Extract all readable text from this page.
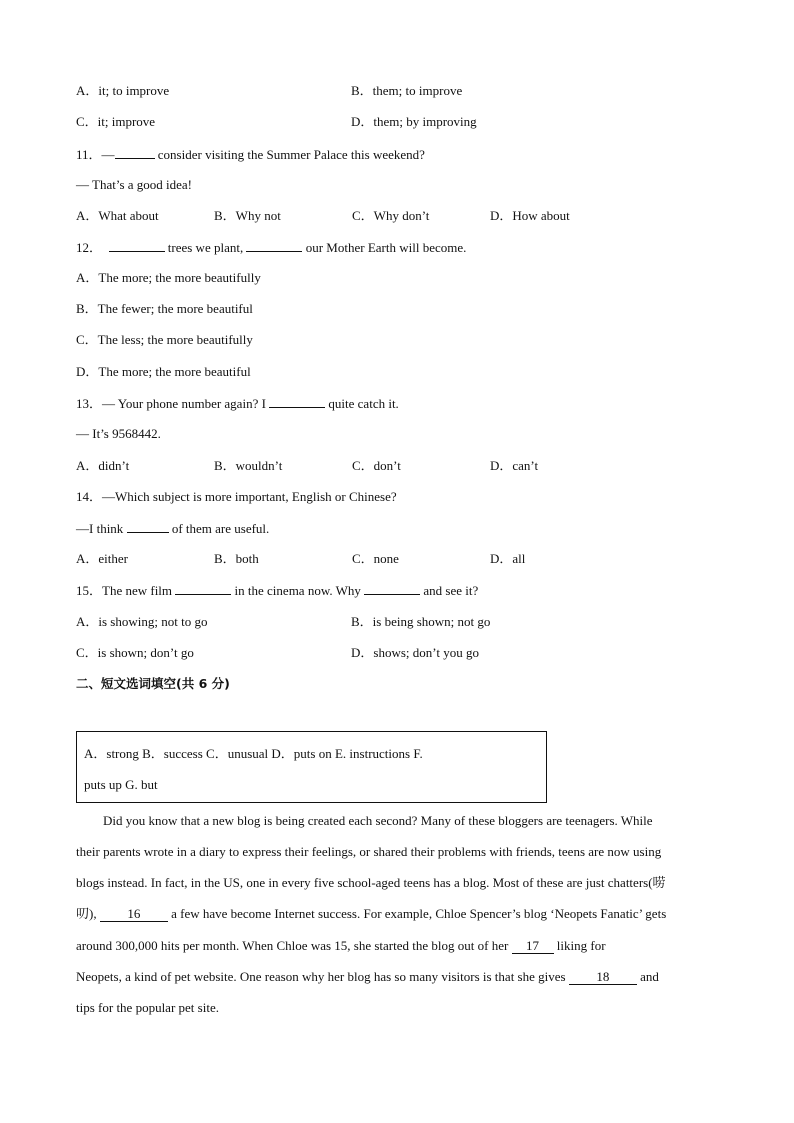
A．it; to improve	B．them; to improve
C．it; improve	D．them; by improving
11．—	consider visiting the Summer Palace this weekend?
— That’s a good idea!
A．What about	B．Why not	C．Why don’t	D．How about
12．	trees we plant,	our Mother Earth will become.
A．The more; the more beautifully
B．The fewer; the more beautiful
C．The less; the more beautifully
D．The more; the more beautiful
13．— Your phone number again? I	quite catch it.
— It’s 9568442.
A．didn’t	B．wouldn’t	C．don’t	D．can’t
14．—Which subject is more important, English or Chinese?
—I think	of them are useful.
A．either	B．both	C．none	D．all
15．The new film	in the cinema now. Why	and see it?
A．is showing; not to go	B．is being shown; not go
C．is shown; don’t go	D．shows; don’t you go
二、短文选词填空(共 6 分)
A．strong B．success C．unusual D．puts on E. instructions F.
puts up G. but
Did you know that a new blog is being created each second? Many of these bloggers are teenagers. While
their parents wrote in a diary to express their feelings, or shared their problems with friends, teens are now using
blogs instead. In fact, in the US, one in every five school-aged teens has a blog. Most of these are just chatters(唠
叨), 16 a few have become Internet success. For example, Chloe Spencer’s blog ‘Neopets Fanatic’ gets
around 300,000 hits per month. When Chloe was 15, she started the blog out of her 17 liking for
Neopets, a kind of pet website. One reason why her blog has so many visitors is that she gives 18 and
tips for the popular pet site.
